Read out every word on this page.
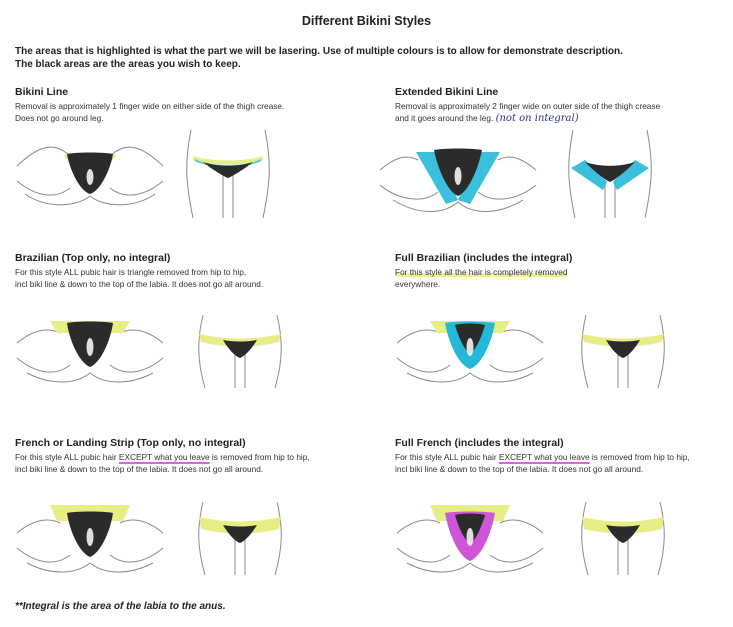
Different Bikini Styles
The areas that is highlighted is what the part we will be lasering. Use of multiple colours is to allow for demonstrate description.
The black areas are the areas you wish to keep.
Bikini Line
Removal is approximately 1 finger wide on either side of the thigh crease.
Does not go around leg.
Extended Bikini Line
Removal is approximately 2 finger wide on outer side of the thigh crease
and it goes around the leg. (not on integral)
Brazilian (Top only, no integral)
For this style ALL pubic hair is triangle removed from hip to hip,
incl biki line & down to the top of the labia. It does not go all around.
Full Brazilian (includes the integral)
For this style all the hair is completely removed
everywhere.
French or Landing Strip (Top only, no integral)
For this style ALL pubic hair EXCEPT what you leave is removed from hip to hip,
incl biki line & down to the top of the labia. It does not go all around.
Full French (includes the integral)
For this style ALL pubic hair EXCEPT what you leave is removed from hip to hip,
incl biki line & down to the top of the labia. It does not go all around.
**Integral is the area of the labia to the anus.
